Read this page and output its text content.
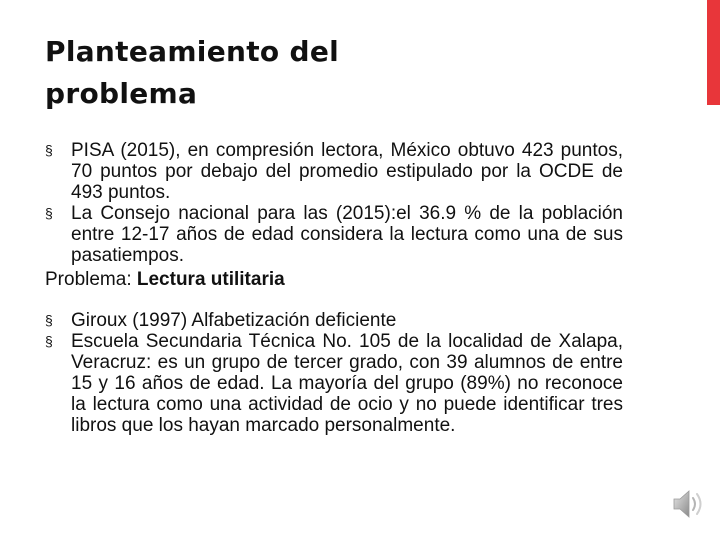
Planteamiento del
problema

§ PISA (2015), en compresión lectora, México obtuvo 423 puntos, 70 puntos por debajo del promedio estipulado por la OCDE de 493 puntos.

§ La Consejo nacional para las (2015):el 36.9 % de la población entre 12-17 años de edad considera la lectura como una de sus pasatiempos.

Problema: Lectura utilitaria

§ Giroux (1997) Alfabetización deficiente

§ Escuela Secundaria Técnica No. 105 de la localidad de Xalapa, Veracruz: es un grupo de tercer grado, con 39 alumnos de entre 15 y 16 años de edad. La mayoría del grupo (89%) no reconoce la lectura como una actividad de ocio y no puede identificar tres libros que los hayan marcado personalmente.
